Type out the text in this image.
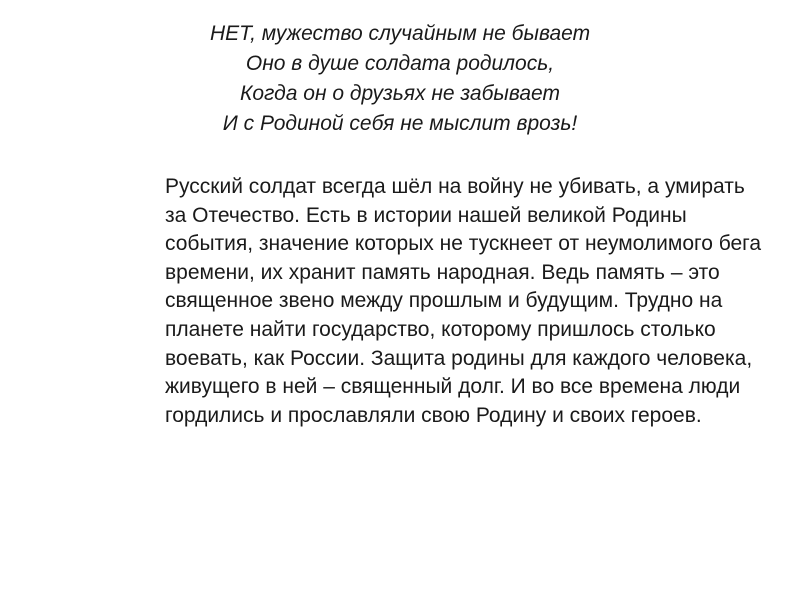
НЕТ, мужество случайным не бывает
Оно в душе солдата родилось,
Когда он о друзьях не забывает
И с Родиной себя не мыслит врозь!
Русский солдат всегда шёл на войну не убивать, а умирать
за Отечество. Есть в истории нашей великой Родины
события, значение которых не тускнеет от неумолимого бега
времени, их хранит память народная. Ведь память – это
священное звено между прошлым и будущим. Трудно на
планете найти государство, которому пришлось столько
воевать, как России. Защита родины для каждого человека,
живущего в ней – священный долг. И во все времена люди
гордились и прославляли свою Родину и своих героев.
